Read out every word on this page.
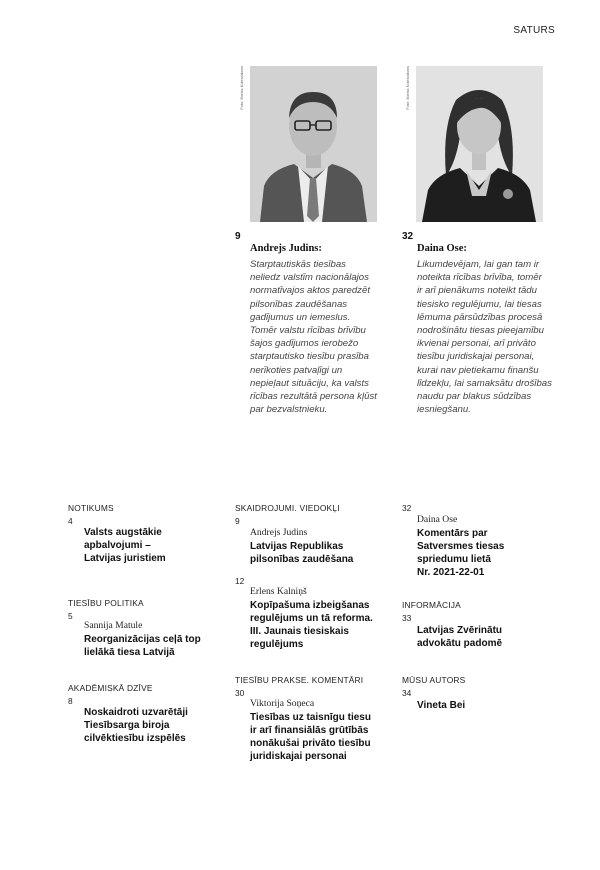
SATURS
Foto: Boriss Koļesņikovs
9
Andrejs Judins:
Starptautiskās tiesības
neliedz valstīm nacionālajos
normatīvajos aktos paredzēt
pilsonības zaudēšanas
gadījumus un iemeslus.
Tomēr valstu rīcības brīvību
šajos gadījumos ierobežo
starptautisko tiesību prasība
nerīkoties patvaļīgi un
nepieļaut situāciju, ka valsts
rīcības rezultātā persona kļūst
par bezvalstnieku.
Foto: Boriss Koļesņikovs
32
Daina Ose:
Likumdevējam, lai gan tam ir
noteikta rīcības brīvība, tomēr
ir arī pienākums noteikt tādu
tiesisko regulējumu, lai tiesas
lēmuma pārsūdzības procesā
nodrošinātu tiesas pieejamību
ikvienai personai, arī privāto
tiesību juridiskajai personai,
kurai nav pietiekamu finanšu
līdzekļu, lai samaksātu drošības
naudu par blakus sūdzības
iesniegšanu.
NOTIKUMS
4
Valsts augstākie
apbalvojumi –
Latvijas juristiem
TIESĪBU POLITIKA
5
Sannija Matule
Reorganizācijas ceļā top
lielākā tiesa Latvijā
AKADĒMISKĀ DZĪVE
8
Noskaidroti uzvarētāji
Tiesībsarga biroja
cilvēktiesību izspēlēs
SKAIDROJUMI. VIEDOKĻI
9
Andrejs Judins
Latvijas Republikas
pilsonības zaudēšana
12
Erlens Kalniņš
Kopīpašuma izbeigšanas
regulējums un tā reforma.
III. Jaunais tiesiskais
regulējums
TIESĪBU PRAKSE. KOMENTĀRI
30
Viktorija Soņeca
Tiesības uz taisnīgu tiesu
ir arī finansiālās grūtībās
nonākušai privāto tiesību
juridiskajai personai
32
Daina Ose
Komentārs par
Satversmes tiesas
spriedumu lietā
Nr. 2021-22-01
INFORMĀCIJA
33
Latvijas Zvērinātu
advokātu padomē
MŪSU AUTORS
34
Vineta Bei
